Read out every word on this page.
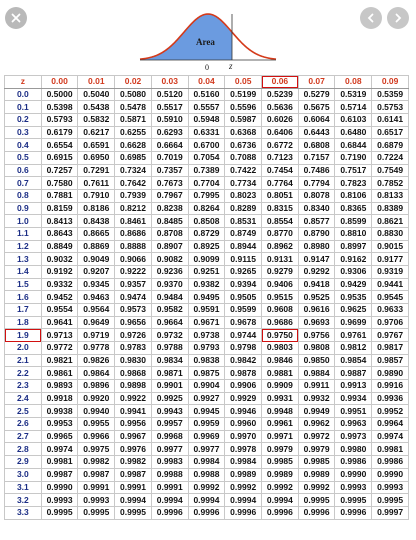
Area
0 z
z	0.00	0.01	0.02	0.03	0.04	0.05	0.06	0.07	0.08	0.09
0.0	0.5000	0.5040	0.5080	0.5120	0.5160	0.5199	0.5239	0.5279	0.5319	0.5359
0.1	0.5398	0.5438	0.5478	0.5517	0.5557	0.5596	0.5636	0.5675	0.5714	0.5753
0.2	0.5793	0.5832	0.5871	0.5910	0.5948	0.5987	0.6026	0.6064	0.6103	0.6141
0.3	0.6179	0.6217	0.6255	0.6293	0.6331	0.6368	0.6406	0.6443	0.6480	0.6517
0.4	0.6554	0.6591	0.6628	0.6664	0.6700	0.6736	0.6772	0.6808	0.6844	0.6879
0.5	0.6915	0.6950	0.6985	0.7019	0.7054	0.7088	0.7123	0.7157	0.7190	0.7224
0.6	0.7257	0.7291	0.7324	0.7357	0.7389	0.7422	0.7454	0.7486	0.7517	0.7549
0.7	0.7580	0.7611	0.7642	0.7673	0.7704	0.7734	0.7764	0.7794	0.7823	0.7852
0.8	0.7881	0.7910	0.7939	0.7967	0.7995	0.8023	0.8051	0.8078	0.8106	0.8133
0.9	0.8159	0.8186	0.8212	0.8238	0.8264	0.8289	0.8315	0.8340	0.8365	0.8389
1.0	0.8413	0.8438	0.8461	0.8485	0.8508	0.8531	0.8554	0.8577	0.8599	0.8621
1.1	0.8643	0.8665	0.8686	0.8708	0.8729	0.8749	0.8770	0.8790	0.8810	0.8830
1.2	0.8849	0.8869	0.8888	0.8907	0.8925	0.8944	0.8962	0.8980	0.8997	0.9015
1.3	0.9032	0.9049	0.9066	0.9082	0.9099	0.9115	0.9131	0.9147	0.9162	0.9177
1.4	0.9192	0.9207	0.9222	0.9236	0.9251	0.9265	0.9279	0.9292	0.9306	0.9319
1.5	0.9332	0.9345	0.9357	0.9370	0.9382	0.9394	0.9406	0.9418	0.9429	0.9441
1.6	0.9452	0.9463	0.9474	0.9484	0.9495	0.9505	0.9515	0.9525	0.9535	0.9545
1.7	0.9554	0.9564	0.9573	0.9582	0.9591	0.9599	0.9608	0.9616	0.9625	0.9633
1.8	0.9641	0.9649	0.9656	0.9664	0.9671	0.9678	0.9686	0.9693	0.9699	0.9706
1.9	0.9713	0.9719	0.9726	0.9732	0.9738	0.9744	0.9750	0.9756	0.9761	0.9767
2.0	0.9772	0.9778	0.9783	0.9788	0.9793	0.9798	0.9803	0.9808	0.9812	0.9817
2.1	0.9821	0.9826	0.9830	0.9834	0.9838	0.9842	0.9846	0.9850	0.9854	0.9857
2.2	0.9861	0.9864	0.9868	0.9871	0.9875	0.9878	0.9881	0.9884	0.9887	0.9890
2.3	0.9893	0.9896	0.9898	0.9901	0.9904	0.9906	0.9909	0.9911	0.9913	0.9916
2.4	0.9918	0.9920	0.9922	0.9925	0.9927	0.9929	0.9931	0.9932	0.9934	0.9936
2.5	0.9938	0.9940	0.9941	0.9943	0.9945	0.9946	0.9948	0.9949	0.9951	0.9952
2.6	0.9953	0.9955	0.9956	0.9957	0.9959	0.9960	0.9961	0.9962	0.9963	0.9964
2.7	0.9965	0.9966	0.9967	0.9968	0.9969	0.9970	0.9971	0.9972	0.9973	0.9974
2.8	0.9974	0.9975	0.9976	0.9977	0.9977	0.9978	0.9979	0.9979	0.9980	0.9981
2.9	0.9981	0.9982	0.9982	0.9983	0.9984	0.9984	0.9985	0.9985	0.9986	0.9986
3.0	0.9987	0.9987	0.9987	0.9988	0.9988	0.9989	0.9989	0.9989	0.9990	0.9990
3.1	0.9990	0.9991	0.9991	0.9991	0.9992	0.9992	0.9992	0.9992	0.9993	0.9993
3.2	0.9993	0.9993	0.9994	0.9994	0.9994	0.9994	0.9994	0.9995	0.9995	0.9995
3.3	0.9995	0.9995	0.9995	0.9996	0.9996	0.9996	0.9996	0.9996	0.9996	0.9997
